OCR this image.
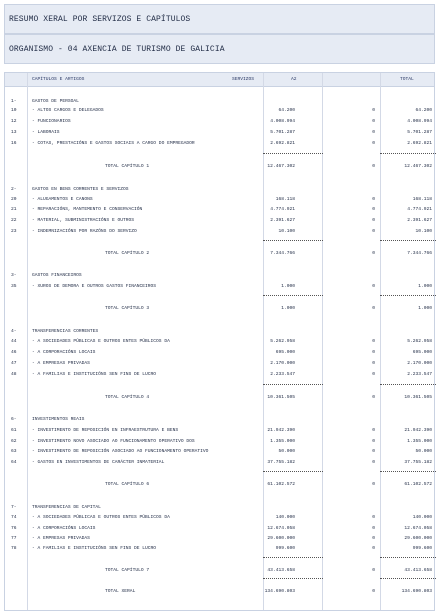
RESUMO XERAL POR SERVIZOS E CAPÍTULOS
ORGANISMO - 04 AXENCIA DE TURISMO DE GALICIA
CAPÍTULOS E ARTIGOS	SERVIZOS	A2	TOTAL
1-	GASTOS DE PERSOAL
10	- ALTOS CARGOS E DELEGADOS	64.200	0	64.200
12	- FUNCIONARIOS	4.008.994	0	4.008.994
13	- LABORAIS	5.701.287	0	5.701.287
16	- COTAS, PRESTACIÓNS E GASTOS SOCIAIS A CARGO DO EMPREGADOR	2.692.821	0	2.692.821
TOTAL CAPÍTULO 1	12.467.302	0	12.467.302
2-	GASTOS EN BENS CORRENTES E SERVIZOS
20	- ALUGAMENTOS E CANONS	168.118	0	168.118
21	- REPARACIÓNS, MANTEMENTO E CONSERVACIÓN	4.774.921	0	4.774.921
22	- MATERIAL, SUBMINISTRACIÓNS E OUTROS	2.391.627	0	2.391.627
23	- INDEMNIZACIÓNS POR RAZÓNS DO SERVIZO	10.100	0	10.100
TOTAL CAPÍTULO 2	7.344.766	0	7.344.766
3-	GASTOS FINANCEIROS
35	- XUROS DE DEMORA E OUTROS GASTOS FINANCEIROS	1.000	0	1.000
TOTAL CAPÍTULO 3	1.000	0	1.000
4-	TRANSFERENCIAS CORRENTES
44	- A SOCIEDADES PÚBLICAS E OUTROS ENTES PÚBLICOS DA	5.262.958	0	5.262.958
46	- A CORPORACIÓNS LOCAIS	695.000	0	695.000
47	- A EMPRESAS PRIVADAS	2.170.000	0	2.170.000
48	- A FAMILIAS E INSTITUCIÓNS SEN FINS DE LUCRO	2.233.547	0	2.233.547
TOTAL CAPÍTULO 4	10.361.505	0	10.361.505
6-	INVESTIMENTOS REAIS
61	- INVESTIMENTO DE REPOSICIÓN EN INFRAESTRUTURA E BENS	21.942.390	0	21.942.390
62	- INVESTIMENTO NOVO ASOCIADO AO FUNCIONAMENTO OPERATIVO DOS	1.355.000	0	1.355.000
63	- INVESTIMENTO DE REPOSICIÓN ASOCIADO AO FUNCIONAMENTO OPERATIVO	50.000	0	50.000
64	- GASTOS EN INVESTIMENTOS DE CARÁCTER INMATERIAL	37.755.182	0	37.755.182
TOTAL CAPÍTULO 6	61.102.572	0	61.102.572
7-	TRANSFERENCIAS DE CAPITAL
74	- A SOCIEDADES PÚBLICAS E OUTROS ENTES PÚBLICOS DA	140.000	0	140.000
76	- A CORPORACIÓNS LOCAIS	12.674.058	0	12.674.058
77	- A EMPRESAS PRIVADAS	29.600.000	0	29.600.000
78	- A FAMILIAS E INSTITUCIÓNS SEN FINS DE LUCRO	999.600	0	999.600
TOTAL CAPÍTULO 7	43.413.658	0	43.413.658
TOTAL XERAL	134.690.803	0	134.690.803
